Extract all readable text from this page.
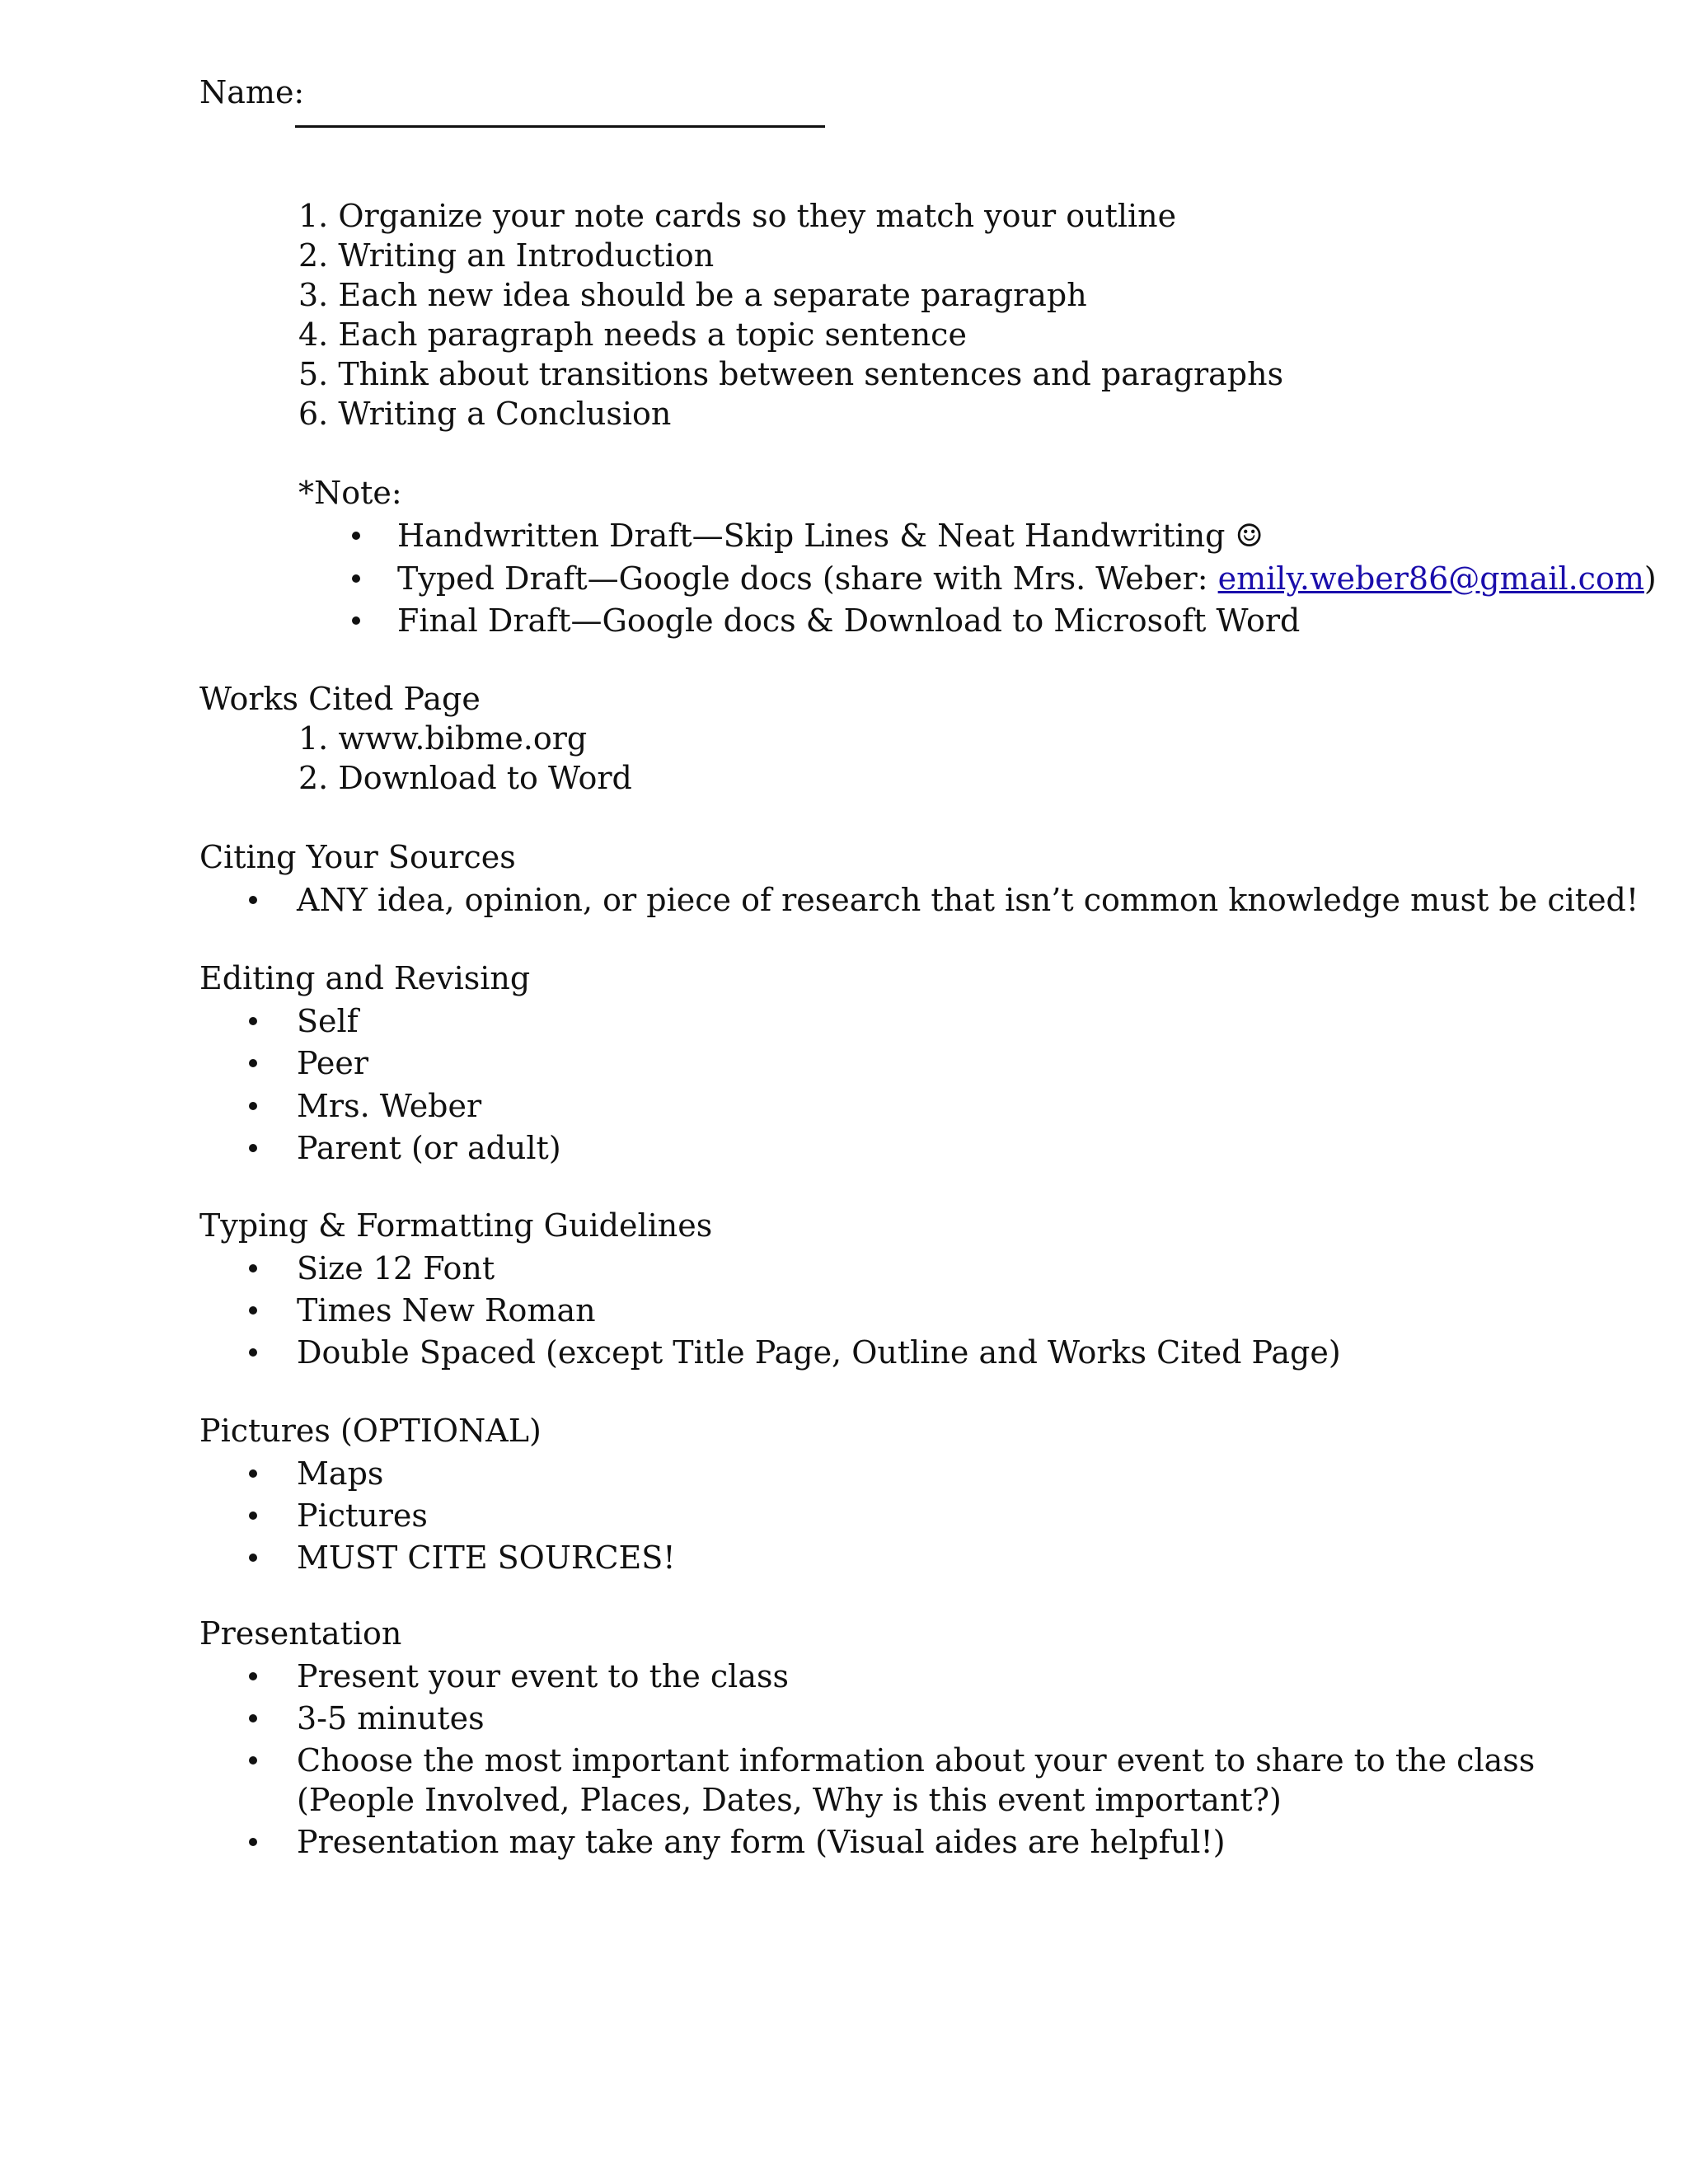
Name:
1. Organize your note cards so they match your outline
2. Writing an Introduction
3. Each new idea should be a separate paragraph
4. Each paragraph needs a topic sentence
5. Think about transitions between sentences and paragraphs
6. Writing a Conclusion
*Note:
Handwritten Draft—Skip Lines & Neat Handwriting ☺
Typed Draft—Google docs (share with Mrs. Weber: emily.weber86@gmail.com)
Final Draft—Google docs & Download to Microsoft Word
Works Cited Page
1. www.bibme.org
2. Download to Word
Citing Your Sources
ANY idea, opinion, or piece of research that isn’t common knowledge must be cited!
Editing and Revising
Self
Peer
Mrs. Weber
Parent (or adult)
Typing & Formatting Guidelines
Size 12 Font
Times New Roman
Double Spaced (except Title Page, Outline and Works Cited Page)
Pictures (OPTIONAL)
Maps
Pictures
MUST CITE SOURCES!
Presentation
Present your event to the class
3-5 minutes
Choose the most important information about your event to share to the class
(People Involved, Places, Dates, Why is this event important?)
Presentation may take any form (Visual aides are helpful!)
